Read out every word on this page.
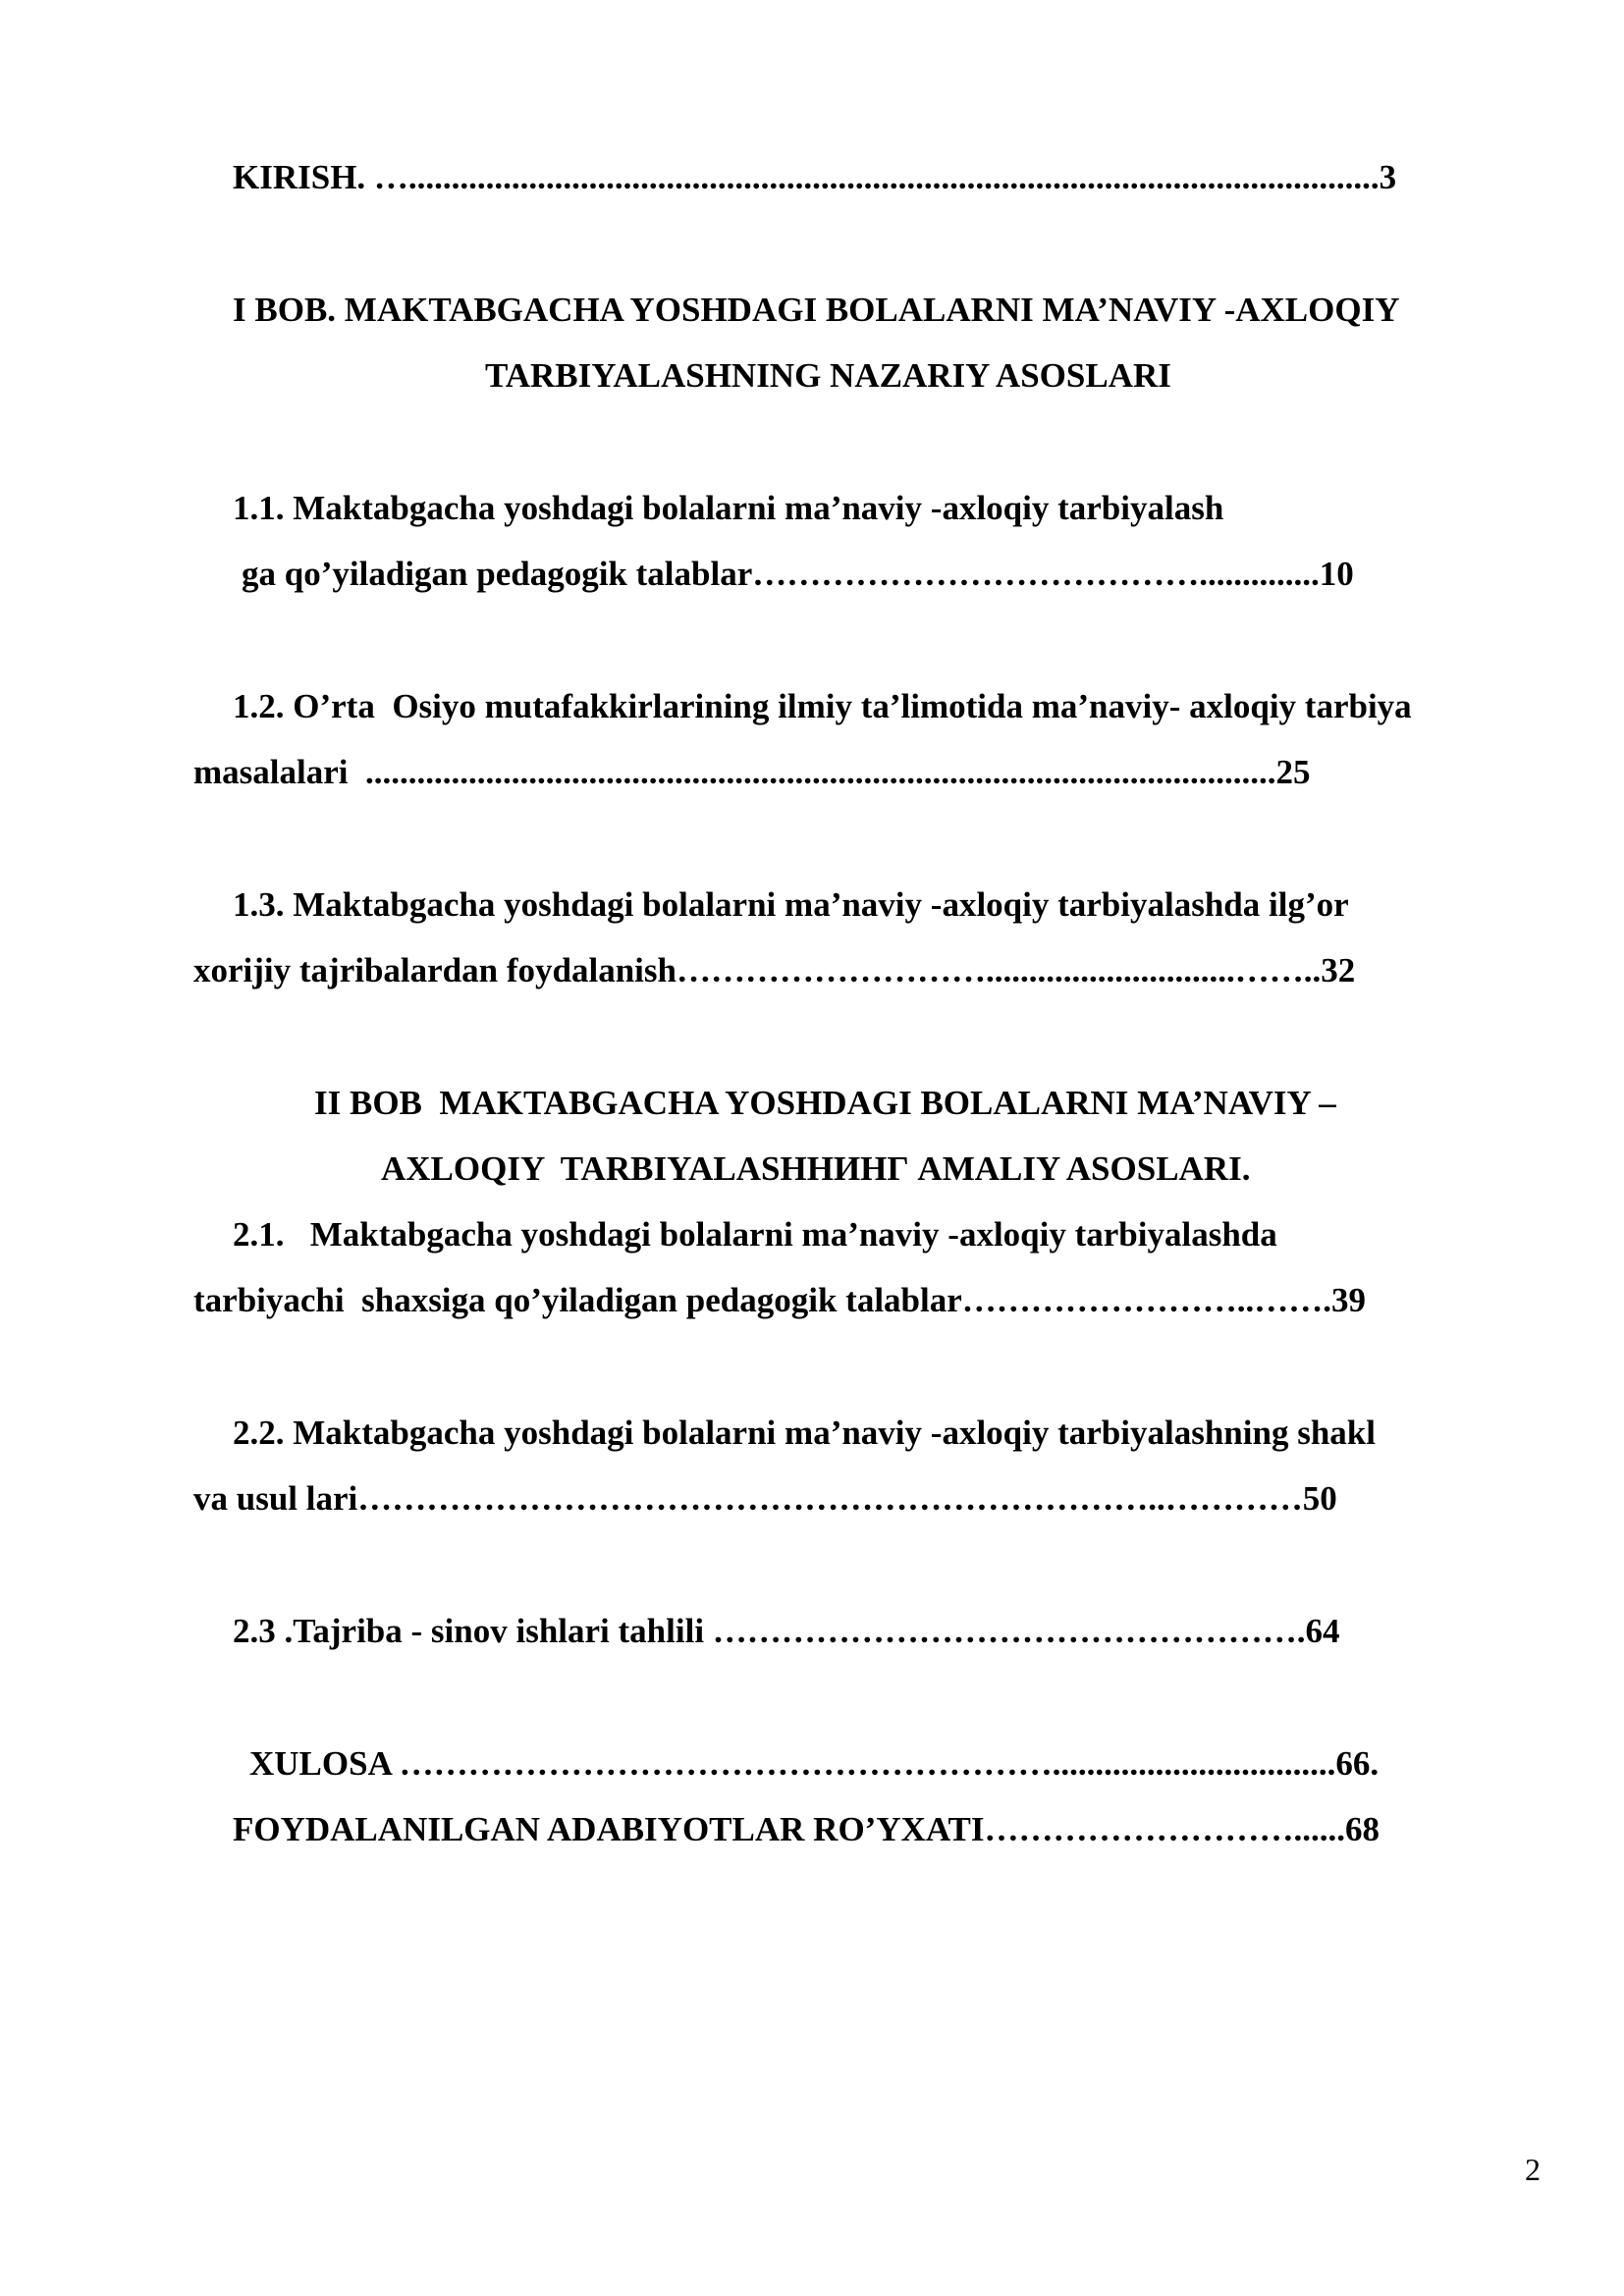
KIRISH. ….................................................................................................................3
I BOB. MAKTABGACHA YOSHDAGI BOLALARNI MA’NAVIY -AXLOQIY
TARBIYALASHNING NAZARIY ASOSLARI
1.1. Maktabgacha yoshdagi bolalarni ma’naviy -axloqiy tarbiyalash
ga qo’yiladigan pedagogik talablar…………………………………..............10
1.2. O’rta  Osiyo mutafakkirlarining ilmiy ta’limotida ma’naviy- axloqiy tarbiya
masalalari  ..........................................................................................................25
1.3. Maktabgacha yoshdagi bolalarni ma’naviy -axloqiy tarbiyalashda ilg’or
xorijiy tajribalardan foydalanish……………………….............................……..32
II BOB  MAKTABGACHA YOSHDAGI BOLALARNI MA’NAVIY –
AXLOQIY  TARBIYALASHНИНГ AMALIY ASOSLARI.
2.1.   Maktabgacha yoshdagi bolalarni ma’naviy -axloqiy tarbiyalashda
tarbiyachi  shaxsiga qo’yiladigan pedagogik talablar……………………..…….39
2.2. Maktabgacha yoshdagi bolalarni ma’naviy -axloqiy tarbiyalashning shakl
va usul lari……………………………………………………………..…………50
2.3 .Tajriba - sinov ishlari tahlili …………………………………………….64
XULOSA ………………………………………………….................................66.
FOYDALANILGAN ADABIYOTLAR RO’YXATI………………………......68
2
